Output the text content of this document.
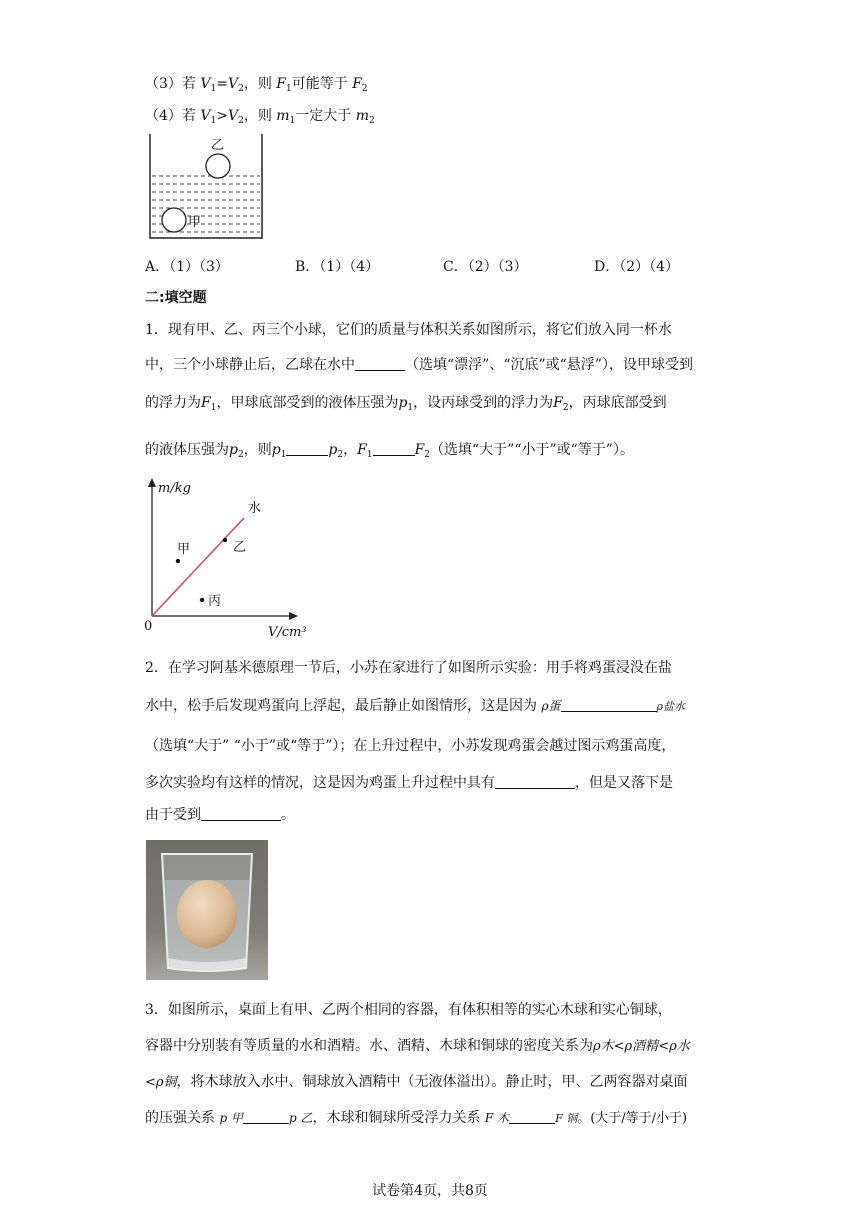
（3）若 $V_1=V_2$，则 $F_1$可能等于 $F_2$
（4）若 $V_1>V_2$，则 $m_1$一定大于 $m_2$
乙
甲
A．（1）（3）	B．（1）（4）	C．（2）（3）	D．（2）（4）
二:填空题
1．现有甲、乙、丙三个小球，它们的质量与体积关系如图所示，将它们放入同一杯水
中，三个小球静止后，乙球在水中	（选填“漂浮”、“沉底”或“悬浮”），设甲球受到
的浮力为$F_1$，甲球底部受到的液体压强为$p_1$，设丙球受到的浮力为$F_2$，丙球底部受到
的液体压强为$p_2$，则$p_1$	$p_2$，$F_1$	$F_2$（选填“大于”“小于”或“等于”）。
m/kg
V/cm³
0
水
甲	乙
丙
2．在学习阿基米德原理一节后，小苏在家进行了如图所示实验：用手将鸡蛋浸没在盐
水中，松手后发现鸡蛋向上浮起，最后静止如图情形，这是因为 ρ蛋	ρ盐水
（选填“大于” “小于”或“等于”）；在上升过程中，小苏发现鸡蛋会越过图示鸡蛋高度，
多次实验均有这样的情况，这是因为鸡蛋上升过程中具有	，但是又落下是
由于受到	。
3．如图所示，桌面上有甲、乙两个相同的容器，有体积相等的实心木球和实心铜球，
容器中分别装有等质量的水和酒精。水、酒精、木球和铜球的密度关系为ρ木<ρ酒精<ρ水
<ρ铜，将木球放入水中、铜球放入酒精中（无液体溢出）。静止时，甲、乙两容器对桌面
的压强关系 p 甲	p 乙，木球和铜球所受浮力关系 F 木	F 铜。(大于/等于/小于)
试卷第4页，共8页
